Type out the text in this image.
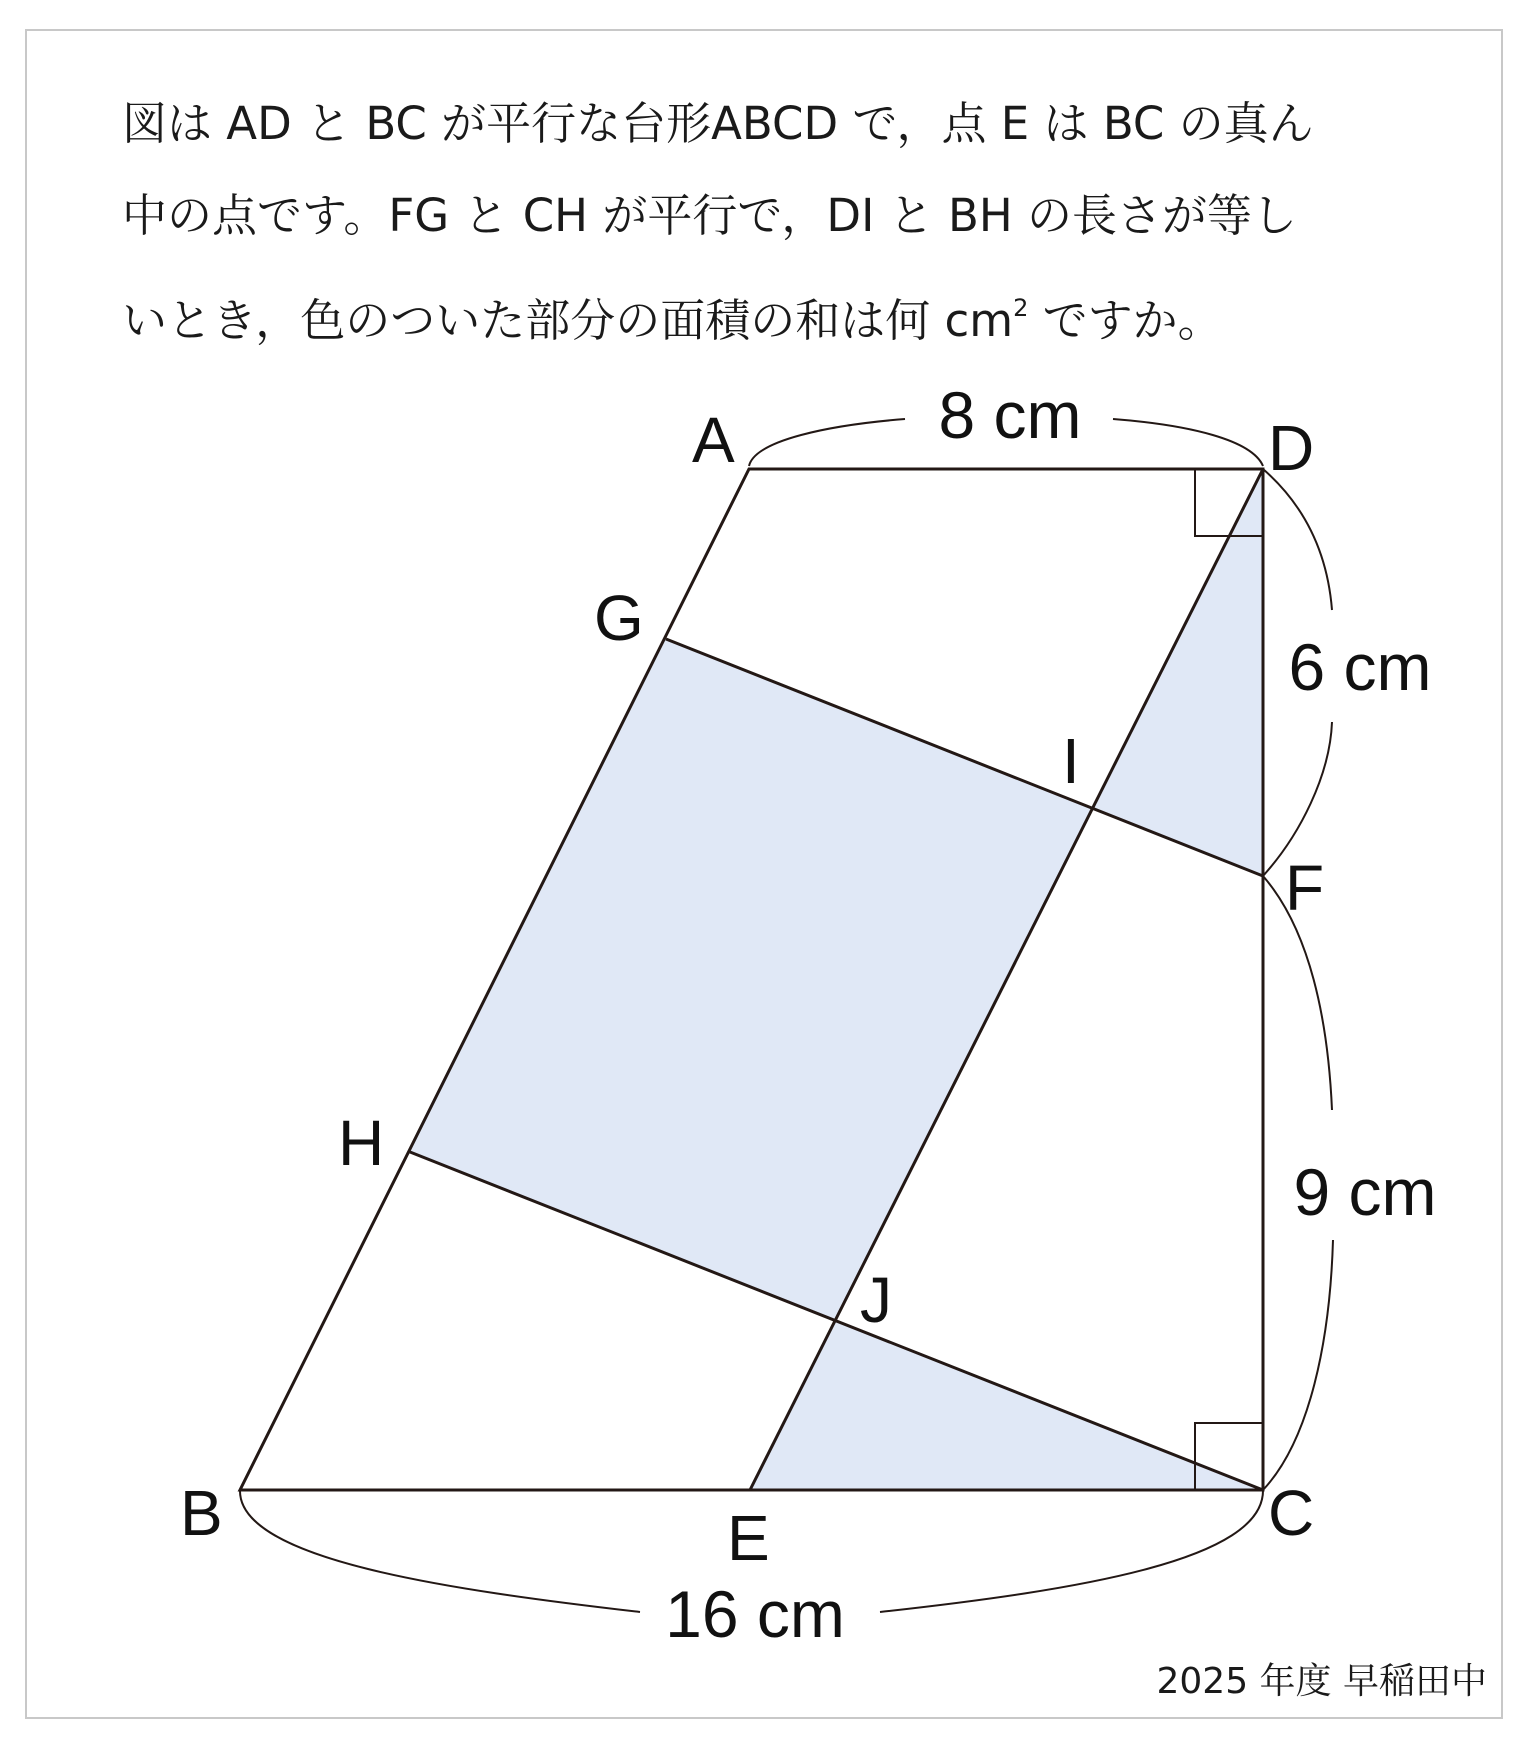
図は AD と BC が平行な台形ABCD で，点 E は BC の真ん
中の点です。FG と CH が平行で，DI と BH の長さが等し
いとき，色のついた部分の面積の和は何 $cm^2$ ですか。
A	D
G
I
F
H
J
B	E	C
8 cm
6 cm
9 cm
16 cm
2025 年度 早稲田中
